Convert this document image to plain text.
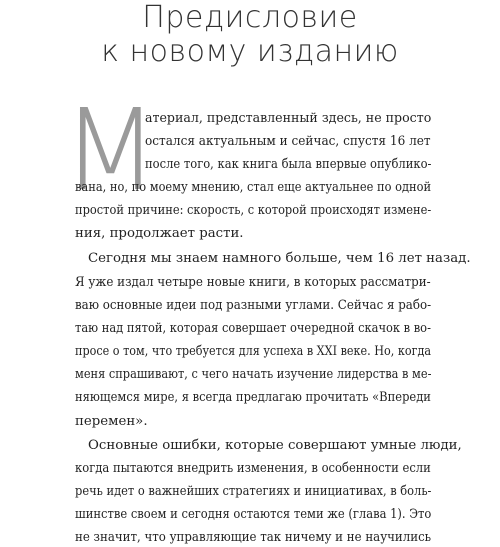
Предисловие
к новому изданию
М
атериал, представленный здесь, не просто
остался актуальным и сейчас, спустя 16 лет
после того, как книга была впервые опублико-
вана, но, по моему мнению, стал еще актуальнее по одной
простой причине: скорость, с которой происходят измене-
ния, продолжает расти.
Сегодня мы знаем намного больше, чем 16 лет назад.
Я уже издал четыре новые книги, в которых рассматри-
ваю основные идеи под разными углами. Сейчас я рабо-
таю над пятой, которая совершает очередной скачок в во-
просе о том, что требуется для успеха в XXI веке. Но, когда
меня спрашивают, с чего начать изучение лидерства в ме-
няющемся мире, я всегда предлагаю прочитать «Впереди
перемен».
Основные ошибки, которые совершают умные люди,
когда пытаются внедрить изменения, в особенности если
речь идет о важнейших стратегиях и инициативах, в боль-
шинстве своем и сегодня остаются теми же (глава 1). Это
не значит, что управляющие так ничему и не научились
